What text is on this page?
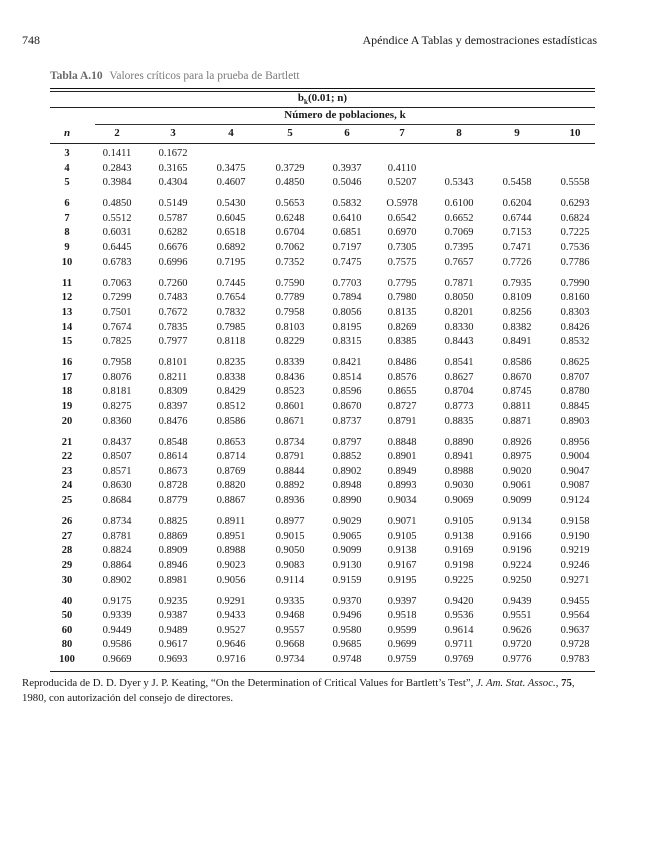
748	Apéndice A Tablas y demostraciones estadísticas
Tabla A.10 Valores críticos para la prueba de Bartlett
$b_k(0.01$; n)
Número de poblaciones, k
n	2	3	4	5	6	7	8	9	10
3	0.1411	0.1672
4	0.2843	0.3165	0.3475	0.3729	0.3937	0.4110
5	0.3984	0.4304	0.4607	0.4850	0.5046	0.5207	0.5343	0.5458	0.5558
6	0.4850	0.5149	0.5430	0.5653	0.5832	O.5978	0.6100	0.6204	0.6293
7	0.5512	0.5787	0.6045	0.6248	0.6410	0.6542	0.6652	0.6744	0.6824
8	0.6031	0.6282	0.6518	0.6704	0.6851	0.6970	0.7069	0.7153	0.7225
9	0.6445	0.6676	0.6892	0.7062	0.7197	0.7305	0.7395	0.7471	0.7536
10	0.6783	0.6996	0.7195	0.7352	0.7475	0.7575	0.7657	0.7726	0.7786
11	0.7063	0.7260	0.7445	0.7590	0.7703	0.7795	0.7871	0.7935	0.7990
12	0.7299	0.7483	0.7654	0.7789	0.7894	0.7980	0.8050	0.8109	0.8160
13	0.7501	0.7672	0.7832	0.7958	0.8056	0.8135	0.8201	0.8256	0.8303
14	0.7674	0.7835	0.7985	0.8103	0.8195	0.8269	0.8330	0.8382	0.8426
15	0.7825	0.7977	0.8118	0.8229	0.8315	0.8385	0.8443	0.8491	0.8532
16	0.7958	0.8101	0.8235	0.8339	0.8421	0.8486	0.8541	0.8586	0.8625
17	0.8076	0.8211	0.8338	0.8436	0.8514	0.8576	0.8627	0.8670	0.8707
18	0.8181	0.8309	0.8429	0.8523	0.8596	0.8655	0.8704	0.8745	0.8780
19	0.8275	0.8397	0.8512	0.8601	0.8670	0.8727	0.8773	0.8811	0.8845
20	0.8360	0.8476	0.8586	0.8671	0.8737	0.8791	0.8835	0.8871	0.8903
21	0.8437	0.8548	0.8653	0.8734	0.8797	0.8848	0.8890	0.8926	0.8956
22	0.8507	0.8614	0.8714	0.8791	0.8852	0.8901	0.8941	0.8975	0.9004
23	0.8571	0.8673	0.8769	0.8844	0.8902	0.8949	0.8988	0.9020	0.9047
24	0.8630	0.8728	0.8820	0.8892	0.8948	0.8993	0.9030	0.9061	0.9087
25	0.8684	0.8779	0.8867	0.8936	0.8990	0.9034	0.9069	0.9099	0.9124
26	0.8734	0.8825	0.8911	0.8977	0.9029	0.9071	0.9105	0.9134	0.9158
27	0.8781	0.8869	0.8951	0.9015	0.9065	0.9105	0.9138	0.9166	0.9190
28	0.8824	0.8909	0.8988	0.9050	0.9099	0.9138	0.9169	0.9196	0.9219
29	0.8864	0.8946	0.9023	0.9083	0.9130	0.9167	0.9198	0.9224	0.9246
30	0.8902	0.8981	0.9056	0.9114	0.9159	0.9195	0.9225	0.9250	0.9271
40	0.9175	0.9235	0.9291	0.9335	0.9370	0.9397	0.9420	0.9439	0.9455
50	0.9339	0.9387	0.9433	0.9468	0.9496	0.9518	0.9536	0.9551	0.9564
60	0.9449	0.9489	0.9527	0.9557	0.9580	0.9599	0.9614	0.9626	0.9637
80	0.9586	0.9617	0.9646	0.9668	0.9685	0.9699	0.9711	0.9720	0.9728
100	0.9669	0.9693	0.9716	0.9734	0.9748	0.9759	0.9769	0.9776	0.9783
Reproducida de D. D. Dyer y J. P. Keating, “On the Determination of Critical Values for Bartlett’s Test”, J. Am. Stat. Assoc., 75, 1980, con autorización del consejo de directores.
